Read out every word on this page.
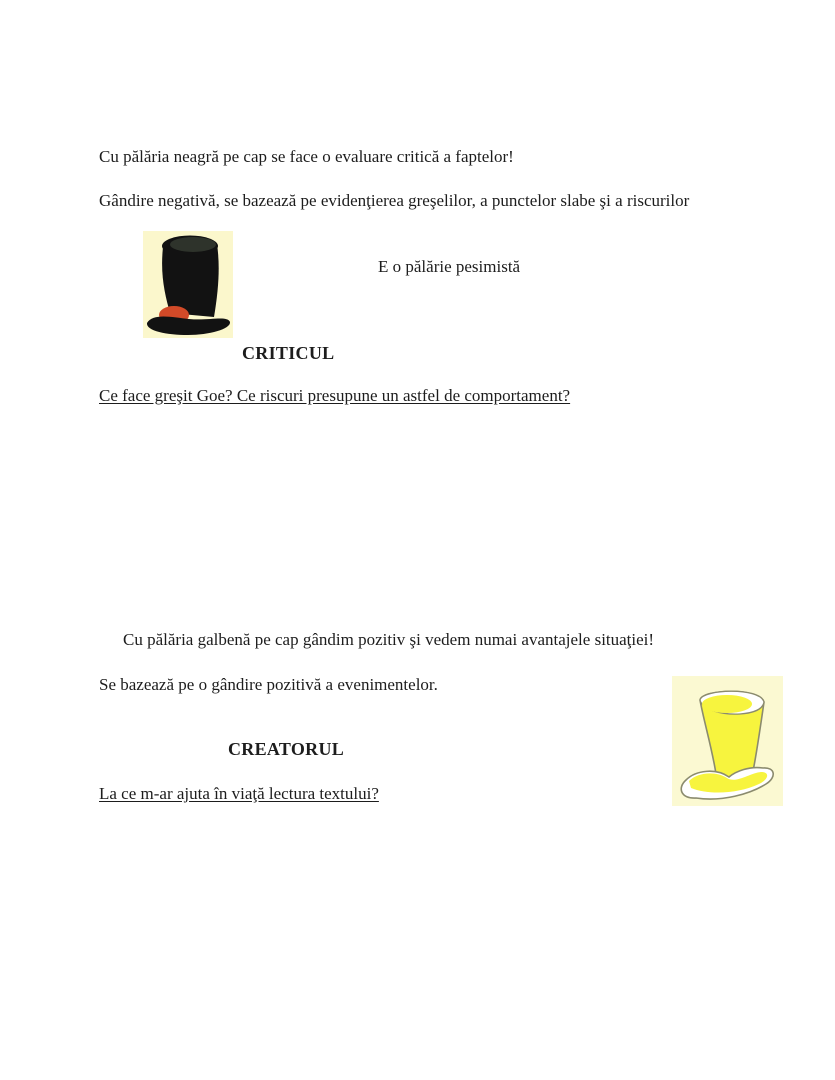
Cu pălăria neagră pe cap se face o evaluare critică a faptelor!
Gândire negativă, se bazează pe evidenţierea greşelilor, a punctelor slabe şi a riscurilor
E o pălărie pesimistă
CRITICUL
Ce face greşit Goe? Ce riscuri presupune un astfel de comportament?
Cu pălăria galbenă pe cap gândim pozitiv şi vedem numai avantajele situaţiei!
Se bazează pe o gândire pozitivă a evenimentelor.
CREATORUL
La ce m-ar ajuta în viaţă lectura textului?
